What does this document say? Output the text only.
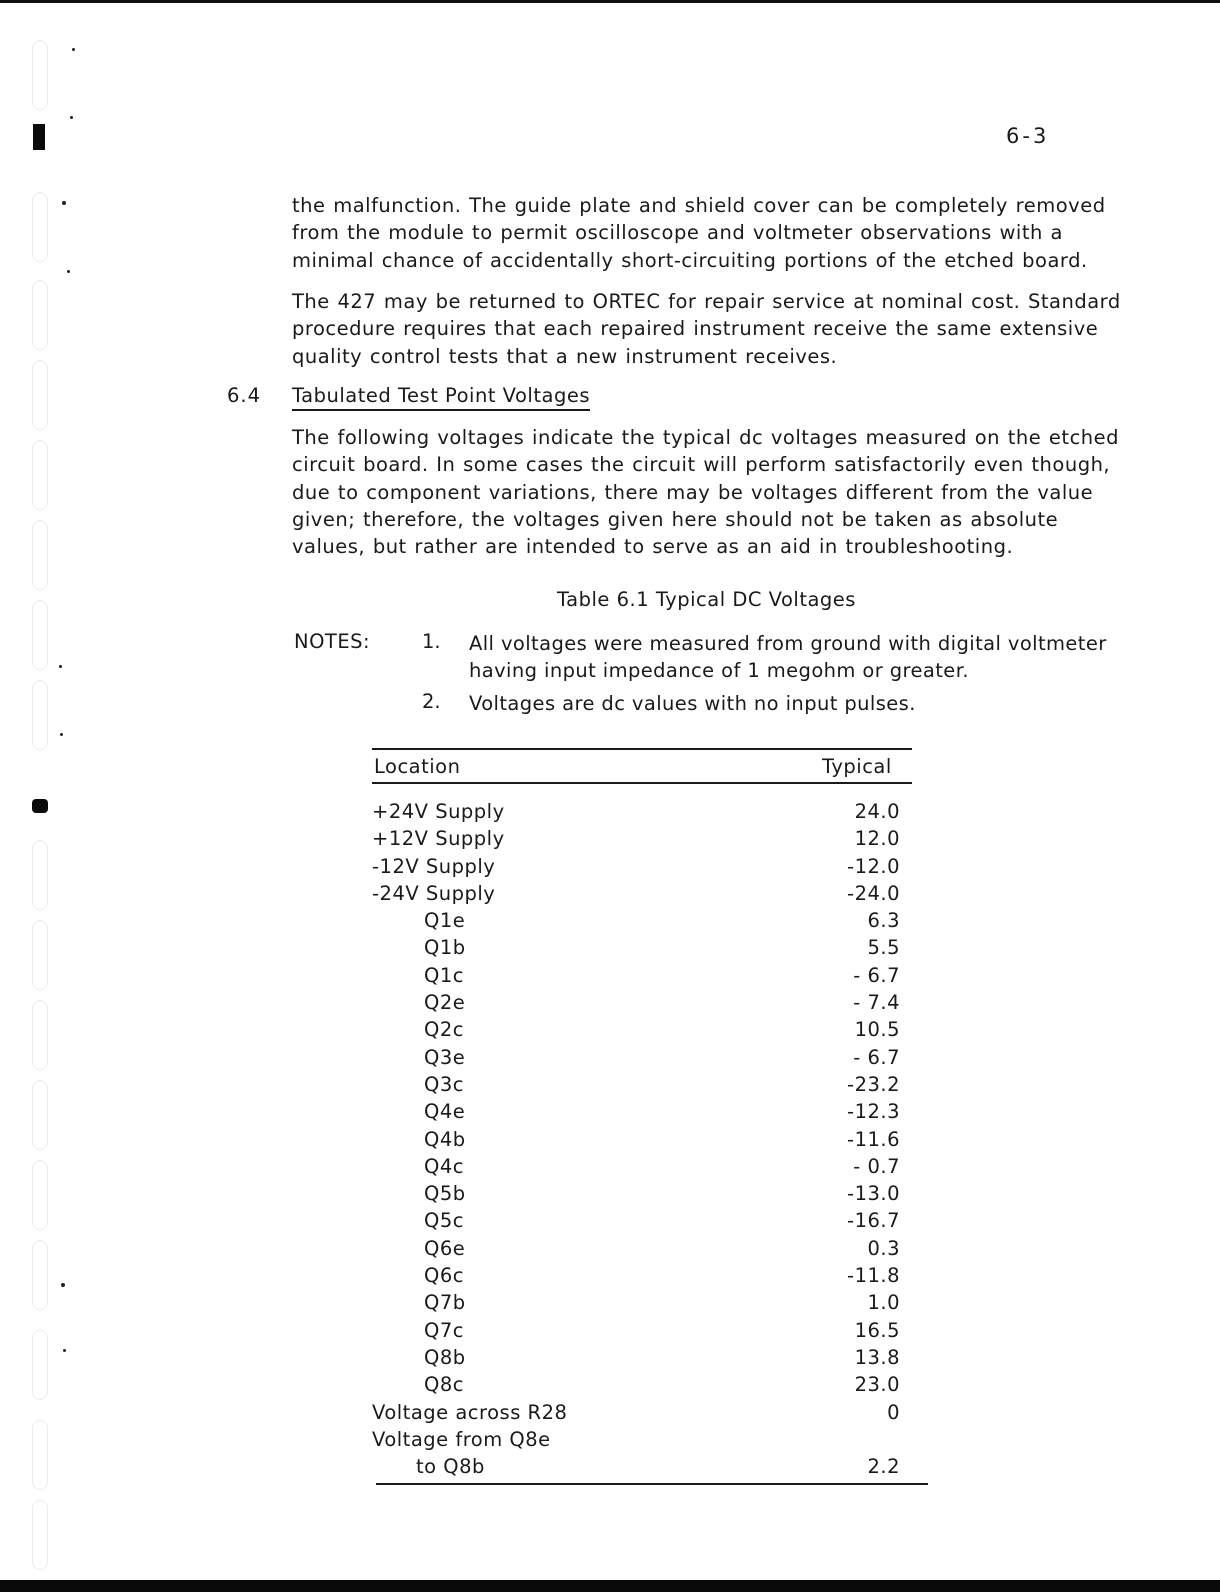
6-3

the malfunction. The guide plate and shield cover can be completely removed from the module to permit oscilloscope and voltmeter observations with a minimal chance of accidentally short-circuiting portions of the etched board.

The 427 may be returned to ORTEC for repair service at nominal cost. Standard procedure requires that each repaired instrument receive the same extensive quality control tests that a new instrument receives.

6.4 Tabulated Test Point Voltages

The following voltages indicate the typical dc voltages measured on the etched circuit board. In some cases the circuit will perform satisfactorily even though, due to component variations, there may be voltages different from the value given; therefore, the voltages given here should not be taken as absolute values, but rather are intended to serve as an aid in troubleshooting.

Table 6.1 Typical DC Voltages
NOTES:	1. All voltages were measured from ground with digital voltmeter having input impedance of 1 megohm or greater.
2. Voltages are dc values with no input pulses.
Location	Typical
+24V Supply	24.0
+12V Supply	12.0
-12V Supply	-12.0
-24V Supply	-24.0
Q1e	6.3
Q1b	5.5
Q1c	- 6.7
Q2e	- 7.4
Q2c	10.5
Q3e	- 6.7
Q3c	-23.2
Q4e	-12.3
Q4b	-11.6
Q4c	- 0.7
Q5b	-13.0
Q5c	-16.7
Q6e	0.3
Q6c	-11.8
Q7b	1.0
Q7c	16.5
Q8b	13.8
Q8c	23.0
Voltage across R28	0
Voltage from Q8e
to Q8b	2.2
